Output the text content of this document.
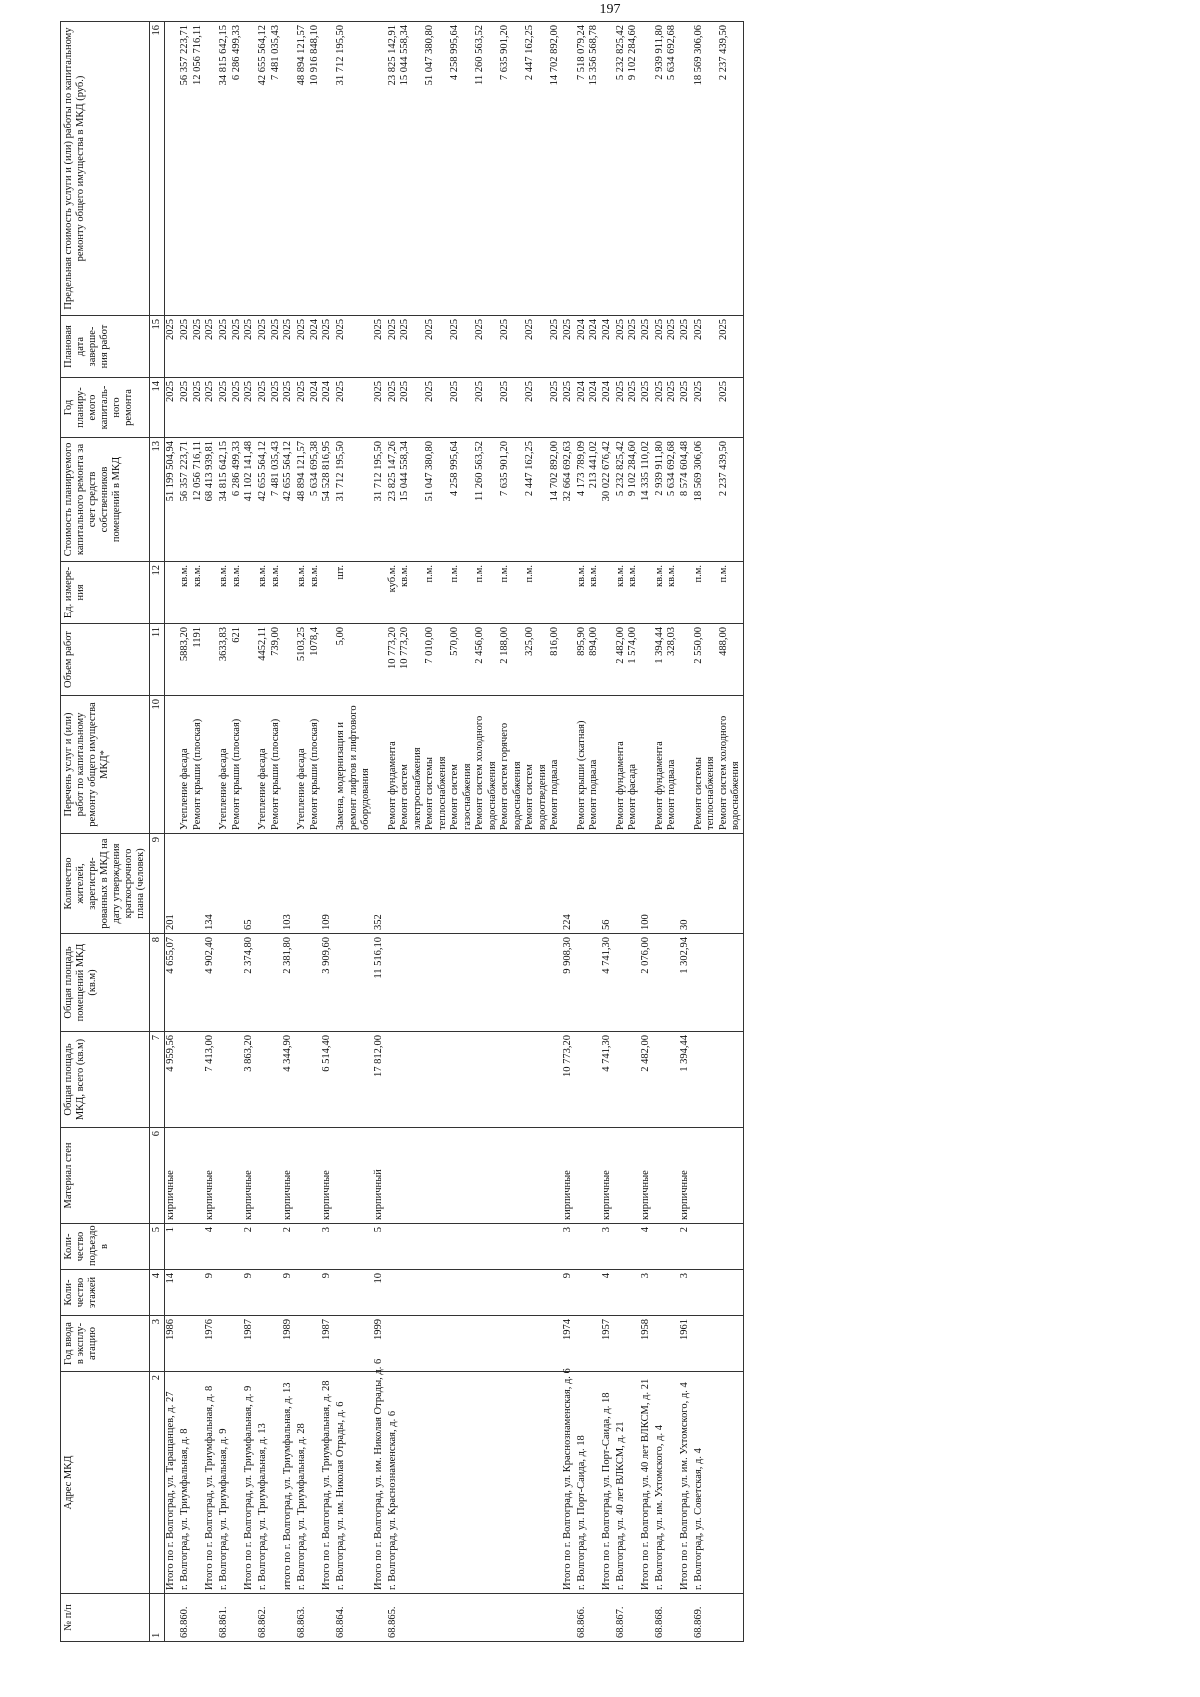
197
№ п/п	Адрес МКД	Год ввода в эксплу-атацию	Коли-чество этажей	Коли-чество подъездо в	Материал стен	Общая площадь МКД, всего (кв.м)	Общая площадь помещений МКД (кв.м)	Количество жителей, зарегистри-рованных в МКД на дату утверждения краткосрочного плана (человек)	Перечень услуг и (или) работ по капитальному ремонту общего имущества МКД*	Объем работ	Ед. измере-ния	Стоимость планируемого капитального ремонта за счет средств собственников помещений в МКД	Год планиру-емого капиталь-ного ремонта	Плановая дата заверше-ния работ	Предельная стоимость услуги и (или) работы по капитальному ремонту общего имущества в МКД (руб.)
1	2	3	4	5	6	7	8	9	10	11	12	13	14	15	16
	Итого по г. Волгоград, ул. Таращанцев, д. 27	1986	14	1	кирпичные	4 959,56	4 655,07	201				51 199 504,94	2025	2025	
68.860.	г. Волгоград, ул. Триумфальная, д. 8								Утепление фасада	5883,20	кв.м.	56 357 223,71	2025	2025	56 357 223,71
									Ремонт крыши (плоская)	1191	кв.м.	12 056 716,11	2025	2025	12 056 716,11
	Итого по г. Волгоград, ул. Триумфальная, д. 8	1976	9	4	кирпичные	7 413,00	4 902,40	134				68 413 939,81	2025	2025	
68.861.	г. Волгоград, ул. Триумфальная, д. 9								Утепление фасада	3633,83	кв.м.	34 815 642,15	2025	2025	34 815 642,15
									Ремонт крыши (плоская)	621	кв.м.	6 286 499,33	2025	2025	6 286 499,33
	Итого по г. Волгоград, ул. Триумфальная, д. 9	1987	9	2	кирпичные	3 863,20	2 374,80	65				41 102 141,48	2025	2025	
68.862.	г. Волгоград, ул. Триумфальная, д. 13								Утепление фасада	4452,11	кв.м.	42 655 564,12	2025	2025	42 655 564,12
									Ремонт крыши (плоская)	739,00	кв.м.	7 481 035,43	2025	2025	7 481 035,43
	итого по г. Волгоград, ул. Триумфальная, д. 13	1989	9	2	кирпичные	4 344,90	2 381,80	103				42 655 564,12	2025	2025	
68.863.	г. Волгоград, ул. Триумфальная, д. 28								Утепление фасада	5103,25	кв.м.	48 894 121,57	2025	2025	48 894 121,57
									Ремонт крыши (плоская)	1078,4	кв.м.	5 634 695,38	2024	2024	10 916 848,10
	Итого по г. Волгоград, ул. Триумфальная, д. 28	1987	9	3	кирпичные	6 514,40	3 909,60	109				54 528 816,95	2024	2025	
68.864.	г. Волгоград, ул. им. Николая Отрады, д. 6								Замена, модернизация и ремонт лифтов и лифтового оборудования	5,00	шт.	31 712 195,50	2025	2025	31 712 195,50
	Итого по г. Волгоград, ул. им. Николая Отрады, д. 6	1999	10	5	кирпичный	17 812,00	11 516,10	352				31 712 195,50	2025	2025	
68.865.	г. Волгоград, ул. Краснознаменская, д. 6								Ремонт фундамента	10 773,20	куб.м.	23 825 147,26	2025	2025	23 825 142,91
									Ремонт систем электроснабжения	10 773,20	кв.м.	15 044 558,34	2025	2025	15 044 558,34
									Ремонт системы теплоснабжения	7 010,00	п.м.	51 047 380,80	2025	2025	51 047 380,80
									Ремонт систем газоснабжения	570,00	п.м.	4 258 995,64	2025	2025	4 258 995,64
									Ремонт систем холодного водоснабжения	2 456,00	п.м.	11 260 563,52	2025	2025	11 260 563,52
									Ремонт систем горячего водоснабжения	2 188,00	п.м.	7 635 901,20	2025	2025	7 635 901,20
									Ремонт систем водоотведения	325,00	п.м.	2 447 162,25	2025	2025	2 447 162,25
									Ремонт подвала	816,00		14 702 892,00	2025	2025	14 702 892,00
	Итого по г. Волгоград, ул. Краснознаменская, д. 6	1974	9	3	кирпичные	10 773,20	9 908,30	224				32 664 692,63	2025	2025	
68.866.	г. Волгоград, ул. Порт-Саида, д. 18								Ремонт крыши (скатная)	895,90	кв.м.	4 173 789,09	2024	2024	7 518 079,24
									Ремонт подвала	894,00	кв.м.	213 441,02	2024	2024	15 356 568,78
	Итого по г. Волгоград, ул. Порт-Саида, д. 18	1957	4	3	кирпичные	4 741,30	4 741,30	56				30 022 676,42	2024	2024	
68.867.	г. Волгоград, ул. 40 лет ВЛКСМ, д. 21								Ремонт фундамента	2 482,00	кв.м.	5 232 825,42	2025	2025	5 232 825,42
									Ремонт фасада	1 574,00	кв.м.	9 102 284,60	2025	2025	9 102 284,60
	Итого по г. Волгоград, ул. 40 лет ВЛКСМ, д. 21	1958	3	4	кирпичные	2 482,00	2 076,00	100				14 335 110,02	2025	2025	
68.868.	г. Волгоград, ул. им. Ухтомского, д. 4								Ремонт фундамента	1 394,44	кв.м.	2 939 911,80	2025	2025	2 939 911,80
									Ремонт подвала	328,03	кв.м.	5 634 692,68	2025	2025	5 634 692,68
	Итого по г. Волгоград, ул. им. Ухтомского, д. 4	1961	3	2	кирпичные	1 394,44	1 302,94	30				8 574 604,48	2025	2025	
68.869.	г. Волгоград, ул. Советская, д. 4								Ремонт системы теплоснабжения	2 550,00	п.м.	18 569 306,06	2025	2025	18 569 306,06
									Ремонт систем холодного водоснабжения	488,00	п.м.	2 237 439,50	2025	2025	2 237 439,50
